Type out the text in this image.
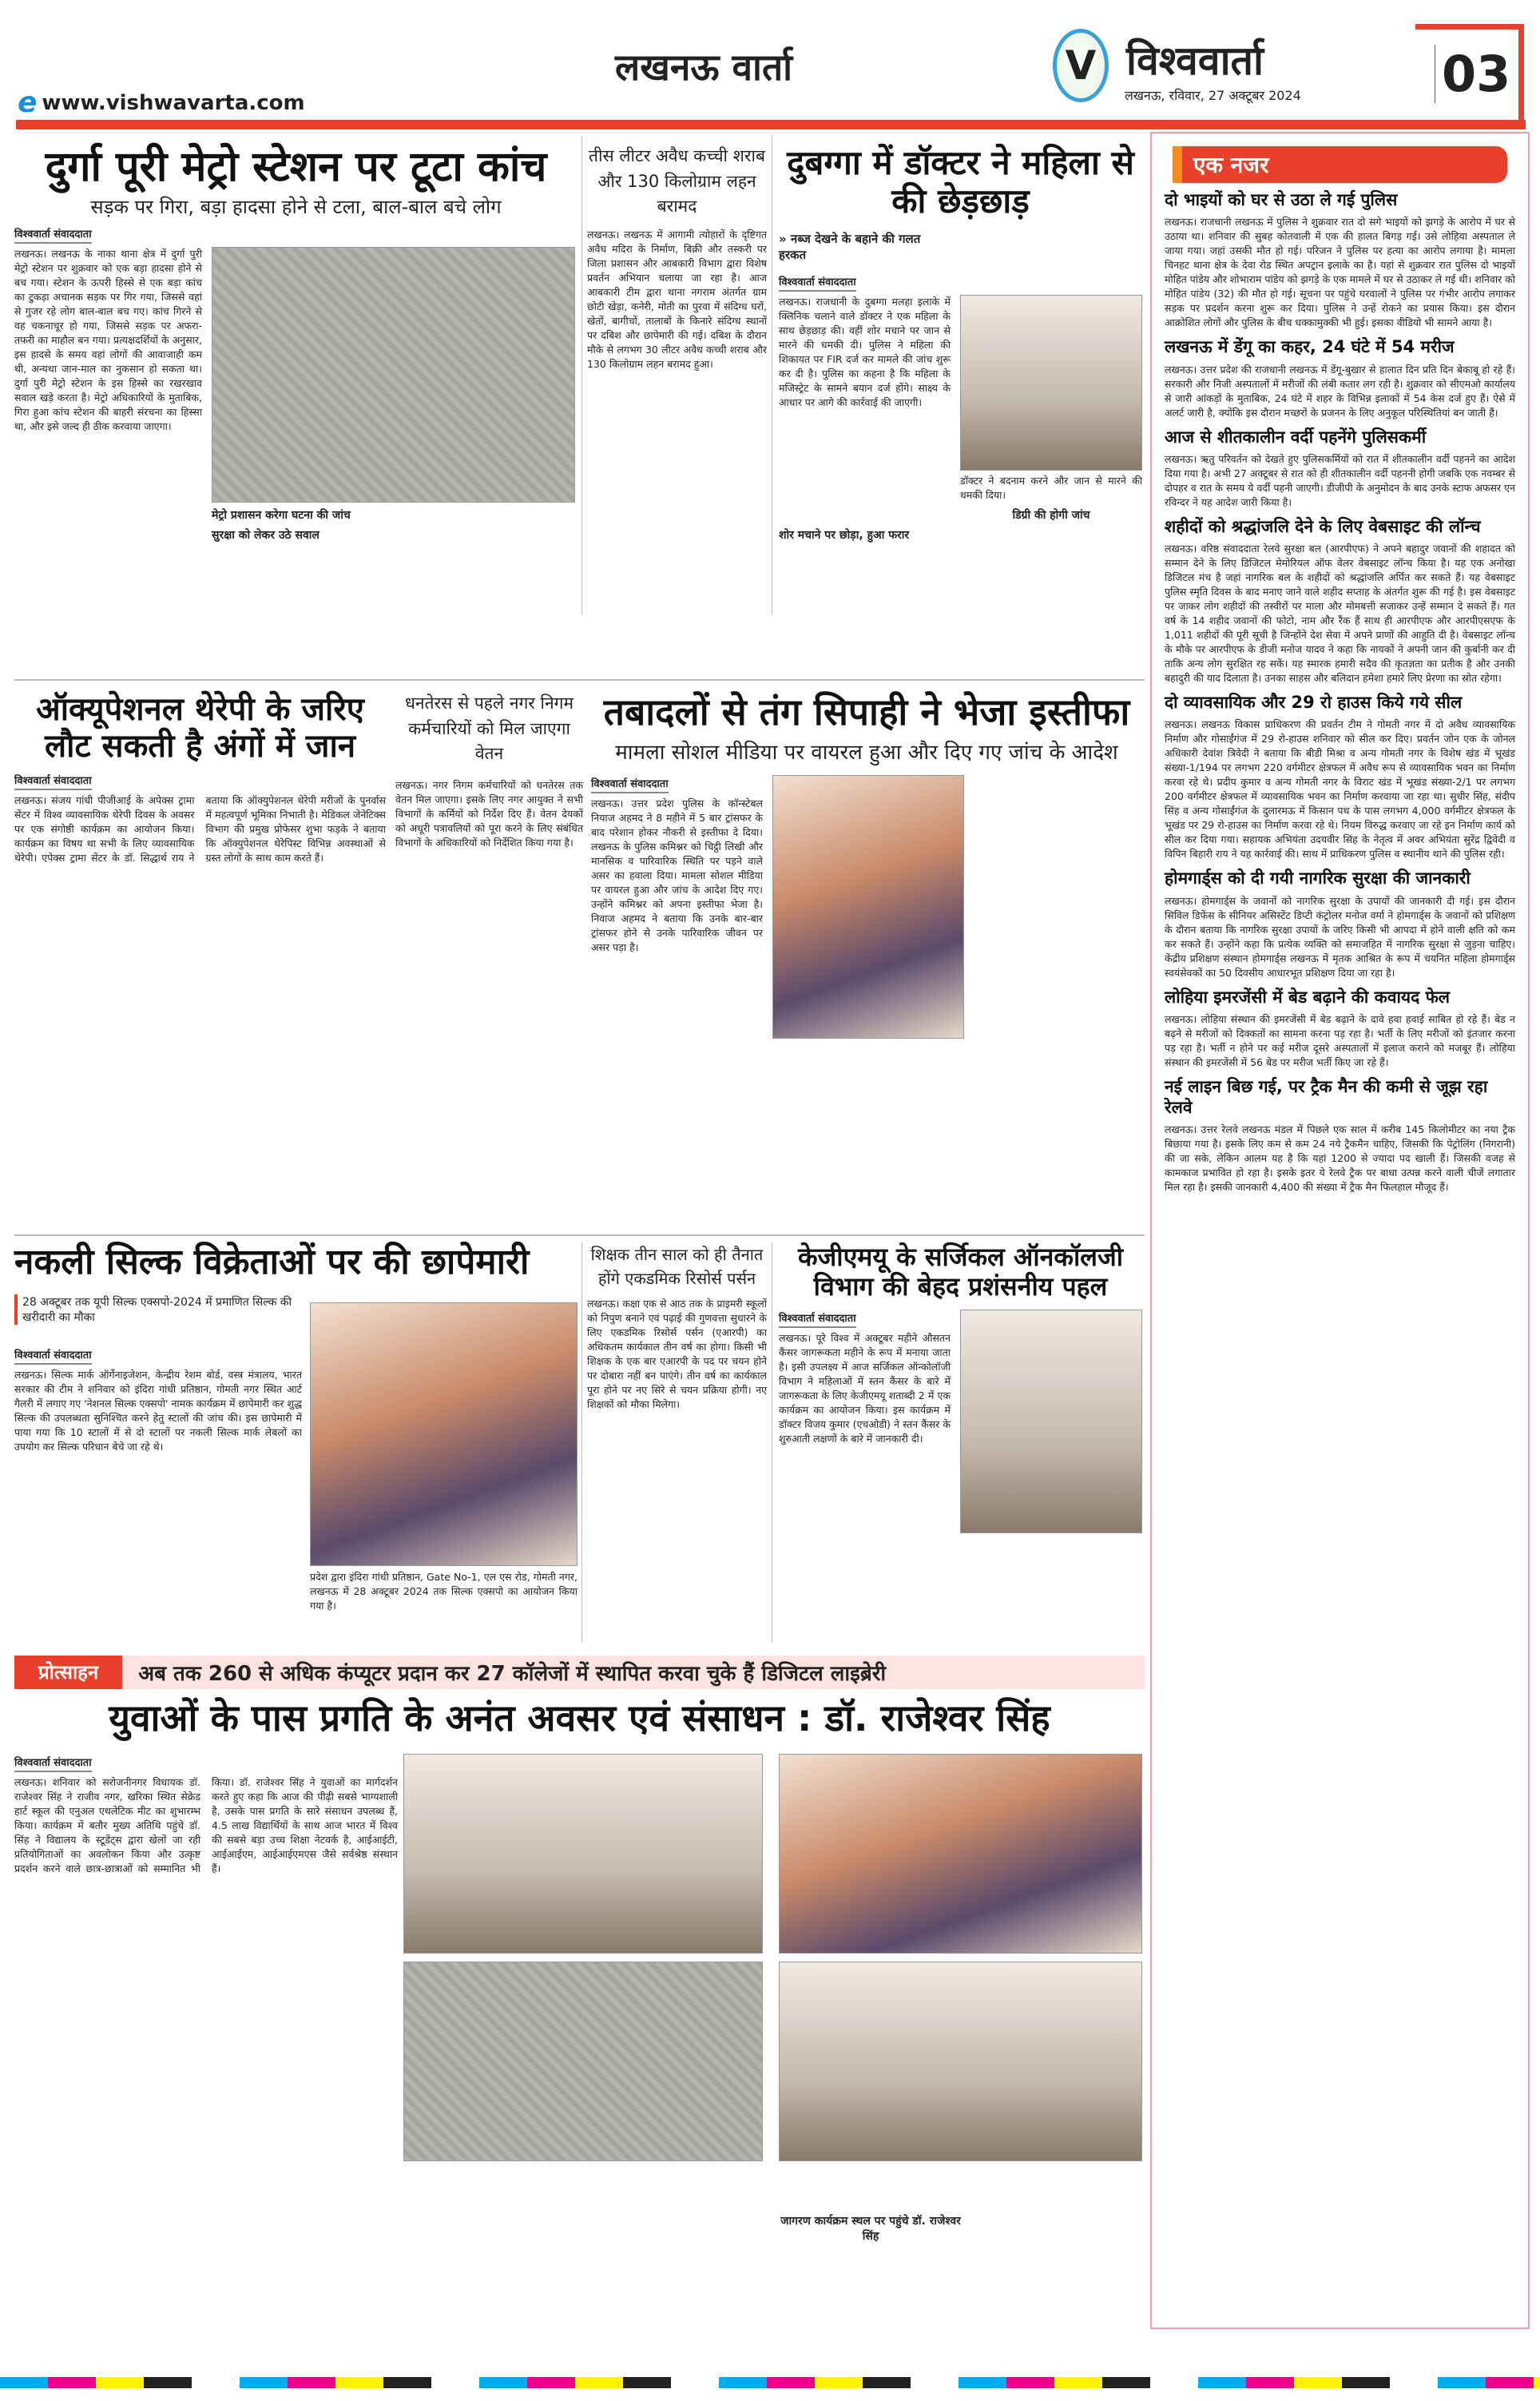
e www.vishwavarta.com
लखनऊ वार्ता	V विश्ववार्ता
लखनऊ, रविवार, 27 अक्टूबर 2024	03
दुर्गा पूरी मेट्रो स्टेशन पर टूटा कांच
सड़क पर गिरा, बड़ा हादसा होने से टला, बाल-बाल बचे लोग
विश्ववार्ता संवाददाता
लखनऊ। लखनऊ के नाका थाना क्षेत्र में दुर्गा पुरी मेट्रो स्टेशन पर शुक्रवार को एक बड़ा हादसा होने से बच गया। स्टेशन के ऊपरी हिस्से से एक बड़ा कांच का टुकड़ा अचानक सड़क पर गिर गया, जिससे वहां से गुजर रहे लोग बाल-बाल बच गए। कांच गिरने से वह चकनाचूर हो गया, जिससे सड़क पर अफरा-तफरी का माहौल बन गया। प्रत्यक्षदर्शियों के अनुसार, इस हादसे के समय वहां लोगों की आवाजाही कम थी, अन्यथा जान-माल का नुकसान हो सकता था। दुर्गा पुरी मेट्रो स्टेशन के इस हिस्से का रखरखाव सवाल खड़े करता है। मेट्रो अधिकारियों के मुताबिक, गिरा हुआ कांच स्टेशन की बाहरी संरचना का हिस्सा था, और इसे जल्द ही ठीक करवाया जाएगा।
मेट्रो प्रशासन करेगा घटना की जांच
सुरक्षा को लेकर उठे सवाल
तीस लीटर अवैध कच्ची शराब और 130 किलोग्राम लहन बरामद
लखनऊ। लखनऊ में आगामी त्योहारों के दृष्टिगत अवैध मदिरा के निर्माण, बिक्री और तस्करी पर जिला प्रशासन और आबकारी विभाग द्वारा विशेष प्रवर्तन अभियान चलाया जा रहा है। आज आबकारी टीम द्वारा थाना नगराम अंतर्गत ग्राम छोटी खेड़ा, कनेरी, मोती का पुरवा में संदिग्ध घरों, खेतों, बागीचों, तालाबों के किनारे संदिग्ध स्थानों पर दबिश और छापेमारी की गई। दबिश के दौरान मौके से लगभग 30 लीटर अवैध कच्ची शराब और 130 किलोग्राम लहन बरामद हुआ।
दुबग्गा में डॉक्टर ने महिला से की छेड़छाड़
» नब्ज देखने के बहाने की गलत हरकत
विश्ववार्ता संवाददाता
लखनऊ। राजधानी के दुबग्गा मलहा इलाके में क्लिनिक चलाने वाले डॉक्टर ने एक महिला के साथ छेड़छाड़ की। वहीं शोर मचाने पर जान से मारने की धमकी दी। पुलिस ने महिला की शिकायत पर FIR दर्ज कर मामले की जांच शुरू कर दी है। पुलिस का कहना है कि महिला के मजिस्ट्रेट के सामने बयान दर्ज होंगे। साक्ष्य के आधार पर आगे की कार्रवाई की जाएगी।
डॉक्टर ने बदनाम करने और जान से मारने की धमकी दिया।
डिग्री की होगी जांच
शोर मचाने पर छोड़ा, हुआ फरार
ऑक्यूपेशनल थेरेपी के जरिए लौट सकती है अंगों में जान
विश्ववार्ता संवाददाता
लखनऊ। संजय गांधी पीजीआई के अपेक्स ट्रामा सेंटर में विश्व व्यावसायिक थेरेपी दिवस के अवसर पर एक संगोष्ठी कार्यक्रम का आयोजन किया। कार्यक्रम का विषय था सभी के लिए व्यावसायिक थेरेपी। एपेक्स ट्रामा सेंटर के डॉ. सिद्धार्थ राय ने बताया कि ऑक्युपेशनल थेरेपी मरीजों के पुनर्वास में महत्वपूर्ण भूमिका निभाती है। मेडिकल जेनेटिक्स विभाग की प्रमुख प्रोफेसर शुभा फड़के ने बताया कि ऑक्युपेशनल थेरेपिस्ट विभिन्न अवस्थाओं से ग्रस्त लोगों के साथ काम करते हैं।
धनतेरस से पहले नगर निगम कर्मचारियों को मिल जाएगा वेतन
लखनऊ। नगर निगम कर्मचारियों को धनतेरस तक वेतन मिल जाएगा। इसके लिए नगर आयुक्त ने सभी विभागों के कर्मियों को निर्देश दिए हैं। वेतन देयकों को अधूरी पत्रावलियों को पूरा करने के लिए संबंधित विभागों के अधिकारियों को निर्देशित किया गया है।
तबादलों से तंग सिपाही ने भेजा इस्तीफा
मामला सोशल मीडिया पर वायरल हुआ और दिए गए जांच के आदेश
विश्ववार्ता संवाददाता
लखनऊ। उत्तर प्रदेश पुलिस के कॉन्स्टेबल नियाज अहमद ने 8 महीने में 5 बार ट्रांसफर के बाद परेशान होकर नौकरी से इस्तीफा दे दिया। लखनऊ के पुलिस कमिश्नर को चिट्ठी लिखी और मानसिक व पारिवारिक स्थिति पर पड़ने वाले असर का हवाला दिया। मामला सोशल मीडिया पर वायरल हुआ और जांच के आदेश दिए गए। उन्होंने कमिश्नर को अपना इस्तीफा भेजा है। निवाज अहमद ने बताया कि उनके बार-बार ट्रांसफर होने से उनके पारिवारिक जीवन पर असर पड़ा है।
नकली सिल्क विक्रेताओं पर की छापेमारी
28 अक्टूबर तक यूपी सिल्क एक्सपो-2024 में प्रमाणित सिल्क की खरीदारी का मौका
विश्ववार्ता संवाददाता
लखनऊ। सिल्क मार्क ऑर्गेनाइजेशन, केन्द्रीय रेशम बोर्ड, वस्त्र मंत्रालय, भारत सरकार की टीम ने शनिवार को इंदिरा गांधी प्रतिष्ठान, गोमती नगर स्थित आर्ट गैलरी में लगाए गए 'नेशनल सिल्क एक्सपो' नामक कार्यक्रम में छापेमारी कर शुद्ध सिल्क की उपलब्धता सुनिश्चित करने हेतु स्टालों की जांच की। इस छापेमारी में पाया गया कि 10 स्टालों में से दो स्टालों पर नकली सिल्क मार्क लेबलों का उपयोग कर सिल्क परिधान बेचे जा रहे थे।
प्रदेश द्वारा इंदिरा गांधी प्रतिष्ठान, Gate No-1, एल एस रोड, गोमती नगर, लखनऊ में 28 अक्टूबर 2024 तक सिल्क एक्सपो का आयोजन किया गया है।
शिक्षक तीन साल को ही तैनात होंगे एकडमिक रिसोर्स पर्सन
लखनऊ। कक्षा एक से आठ तक के प्राइमरी स्कूलों को निपुण बनाने एवं पढ़ाई की गुणवत्ता सुधारने के लिए एकडमिक रिसोर्स पर्सन (एआरपी) का अधिकतम कार्यकाल तीन वर्ष का होगा। किसी भी शिक्षक के एक बार एआरपी के पद पर चयन होने पर दोबारा नहीं बन पाएंगे। तीन वर्ष का कार्यकाल पूरा होने पर नए सिरे से चयन प्रक्रिया होगी। नए शिक्षकों को मौका मिलेगा।
केजीएमयू के सर्जिकल ऑनकॉलजी विभाग की बेहद प्रशंसनीय पहल
विश्ववार्ता संवाददाता
लखनऊ। पूरे विश्व में अक्टूबर महीने औसतन कैंसर जागरूकता महीने के रूप में मनाया जाता है। इसी उपलक्ष्य में आज सर्जिकल ऑन्कोलॉजी विभाग ने महिलाओं में स्तन कैंसर के बारे में जागरूकता के लिए केजीएमयू शताब्दी 2 में एक कार्यक्रम का आयोजन किया। इस कार्यक्रम में डॉक्टर विजय कुमार (एचओडी) ने स्तन कैंसर के शुरुआती लक्षणों के बारे में जानकारी दी।
प्रोत्साहन	अब तक 260 से अधिक कंप्यूटर प्रदान कर 27 कॉलेजों में स्थापित करवा चुके हैं डिजिटल लाइब्रेरी
युवाओं के पास प्रगति के अनंत अवसर एवं संसाधन : डॉ. राजेश्वर सिंह
विश्ववार्ता संवाददाता
लखनऊ। शनिवार को सरोजनीनगर विधायक डॉ. राजेश्वर सिंह ने राजीव नगर, खरिका स्थित सेक्रेड हार्ट स्कूल की एनुअल एथलेटिक मीट का शुभारम्भ किया। कार्यक्रम में बतौर मुख्य अतिथि पहुंचे डॉ. सिंह ने विद्यालय के स्टूडेंट्स द्वारा खेलों जा रही प्रतियोगिताओं का अवलोकन किया और उत्कृष्ट प्रदर्शन करने वाले छात्र-छात्राओं को सम्मानित भी किया। डॉ. राजेश्वर सिंह ने युवाओं का मार्गदर्शन करते हुए कहा कि आज की पीढ़ी सबसे भाग्यशाली है, उसके पास प्रगति के सारे संसाधन उपलब्ध हैं, 4.5 लाख विद्यार्थियों के साथ आज भारत में विश्व की सबसे बड़ा उच्च शिक्षा नेटवर्क है, आईआईटी, आईआईएम, आईआईएमएस जैसे सर्वश्रेष्ठ संस्थान हैं।
जागरण कार्यक्रम स्थल पर पहुंचे डॉ. राजेश्वर सिंह
एक नजर
दो भाइयों को घर से उठा ले गई पुलिस

लखनऊ। राजधानी लखनऊ में पुलिस ने शुक्रवार रात दो सगे भाइयों को झगड़े के आरोप में घर से उठाया था। शनिवार की सुबह कोतवाली में एक की हालत बिगड़ गई। उसे लोहिया अस्पताल ले जाया गया। जहां उसकी मौत हो गई। परिजन ने पुलिस पर हत्या का आरोप लगाया है। मामला चिनहट थाना क्षेत्र के देवा रोड स्थित अपट्रान इलाके का है। यहां से शुक्रवार रात पुलिस दो भाइयों मोहित पांडेय और शोभाराम पांडेय को झगड़े के एक मामले में घर से उठाकर ले गई थी। शनिवार को मोहित पांडेय (32) की मौत हो गई। सूचना पर पहुंचे घरवालों ने पुलिस पर गंभीर आरोप लगाकर सड़क पर प्रदर्शन करना शुरू कर दिया। पुलिस ने उन्हें रोकने का प्रयास किया। इस दौरान आक्रोशित लोगों और पुलिस के बीच धक्कामुक्की भी हुई। इसका वीडियो भी सामने आया है।

लखनऊ में डेंगू का कहर, 24 घंटे में 54 मरीज

लखनऊ। उत्तर प्रदेश की राजधानी लखनऊ में डेंगू-बुखार से हालात दिन प्रति दिन बेकाबू हो रहे हैं। सरकारी और निजी अस्पतालों में मरीजों की लंबी कतार लग रही है। शुक्रवार को सीएमओ कार्यालय से जारी आंकड़ों के मुताबिक, 24 घंटे में शहर के विभिन्न इलाकों में 54 केस दर्ज हुए हैं। ऐसे में अलर्ट जारी है, क्योंकि इस दौरान मच्छरों के प्रजनन के लिए अनुकूल परिस्थितियां बन जाती हैं।

आज से शीतकालीन वर्दी पहनेंगे पुलिसकर्मी

लखनऊ। ऋतु परिवर्तन को देखते हुए पुलिसकर्मियों को रात में शीतकालीन वर्दी पहनने का आदेश दिया गया है। अभी 27 अक्टूबर से रात को ही शीतकालीन वर्दी पहननी होगी जबकि एक नवम्बर से दोपहर व रात के समय ये वर्दी पहनी जाएगी। डीजीपी के अनुमोदन के बाद उनके स्टाफ अफसर एन रविन्दर ने यह आदेश जारी किया है।

शहीदों को श्रद्धांजलि देने के लिए वेबसाइट की लॉन्च

लखनऊ। वरिष्ठ संवाददाता रेलवे सुरक्षा बल (आरपीएफ) ने अपने बहादुर जवानों की शहादत को सम्मान देने के लिए डिजिटल मेमोरियल ऑफ वेलर वेबसाइट लॉन्च किया है। यह एक अनोखा डिजिटल मंच है जहां नागरिक बल के शहीदों को श्रद्धांजलि अर्पित कर सकते हैं। यह वेबसाइट पुलिस स्मृति दिवस के बाद मनाए जाने वाले शहीद सप्ताह के अंतर्गत शुरू की गई है। इस वेबसाइट पर जाकर लोग शहीदों की तस्वीरों पर माला और मोमबत्ती सजाकर उन्हें सम्मान दे सकते हैं। गत वर्ष के 14 शहीद जवानों की फोटो, नाम और रैंक हैं साथ ही आरपीएफ और आरपीएसएफ के 1,011 शहीदों की पूरी सूची है जिन्होंने देश सेवा में अपने प्राणों की आहुति दी है। वेबसाइट लॉन्च के मौके पर आरपीएफ के डीजी मनोज यादव ने कहा कि नायकों ने अपनी जान की कुर्बानी कर दी ताकि अन्य लोग सुरक्षित रह सकें। यह स्मारक हमारी सदैव की कृतज्ञता का प्रतीक है और उनकी बहादुरी की याद दिलाता है। उनका साहस और बलिदान हमेशा हमारे लिए प्रेरणा का स्रोत रहेगा।

दो व्यावसायिक और 29 रो हाउस किये गये सील

लखनऊ। लखनऊ विकास प्राधिकरण की प्रवर्तन टीम ने गोमती नगर में दो अवैध व्यावसायिक निर्माण और गोसाईंगंज में 29 रो-हाउस शनिवार को सील कर दिए। प्रवर्तन जोन एक के जोनल अधिकारी देवांश त्रिवेदी ने बताया कि बीडी मिश्रा व अन्य गोमती नगर के विशेष खंड में भूखंड संख्या-1/194 पर लगभग 220 वर्गमीटर क्षेत्रफल में अवैध रूप से व्यावसायिक भवन का निर्माण करवा रहे थे। प्रदीप कुमार व अन्य गोमती नगर के विराट खंड में भूखंड संख्या-2/1 पर लगभग 200 वर्गमीटर क्षेत्रफल में व्यावसायिक भवन का निर्माण करवाया जा रहा था। सुधीर सिंह, संदीप सिंह व अन्य गोसाईंगंज के दुलारमऊ में किसान पथ के पास लगभग 4,000 वर्गमीटर क्षेत्रफल के भूखंड पर 29 रो-हाउस का निर्माण करवा रहे थे। नियम विरुद्ध करवाए जा रहे इन निर्माण कार्य को सील कर दिया गया। सहायक अभियंता उदयवीर सिंह के नेतृत्व में अवर अभियंता सुरेंद्र द्विवेदी व विपिन बिहारी राय ने यह कार्रवाई की। साथ में प्राधिकरण पुलिस व स्थानीय थाने की पुलिस रही।

होमगार्ड्स को दी गयी नागरिक सुरक्षा की जानकारी

लखनऊ। होमगार्ड्स के जवानों को नागरिक सुरक्षा के उपायों की जानकारी दी गई। इस दौरान सिविल डिफेंस के सीनियर असिस्टेंट डिप्टी कंट्रोलर मनोज वर्मा ने होमगार्ड्स के जवानों को प्रशिक्षण के दौरान बताया कि नागरिक सुरक्षा उपायों के जरिए किसी भी आपदा में होने वाली क्षति को कम कर सकते हैं। उन्होंने कहा कि प्रत्येक व्यक्ति को समाजहित में नागरिक सुरक्षा से जुड़ना चाहिए। केंद्रीय प्रशिक्षण संस्थान होमगार्ड्स लखनऊ में मृतक आश्रित के रूप में चयनित महिला होमगार्ड्स स्वयंसेवकों का 50 दिवसीय आधारभूत प्रशिक्षण दिया जा रहा है।

लोहिया इमरजेंसी में बेड बढ़ाने की कवायद फेल

लखनऊ। लोहिया संस्थान की इमरजेंसी में बेड बढ़ाने के दावे हवा हवाई साबित हो रहे हैं। बेड न बढ़ने से मरीजों को दिक्कतों का सामना करना पड़ रहा है। भर्ती के लिए मरीजों को इंतजार करना पड़ रहा है। भर्ती न होने पर कई मरीज दूसरे अस्पतालों में इलाज कराने को मजबूर हैं। लोहिया संस्थान की इमरजेंसी में 56 बेड पर मरीज भर्ती किए जा रहे हैं।

नई लाइन बिछ गई, पर ट्रैक मैन की कमी से जूझ रहा रेलवे

लखनऊ। उत्तर रेलवे लखनऊ मंडल में पिछले एक साल में करीब 145 किलोमीटर का नया ट्रैक बिछाया गया है। इसके लिए कम से कम 24 नये ट्रैकमैन चाहिए, जिसकी कि पेट्रोलिंग (निगरानी) की जा सके, लेकिन आलम यह है कि यहां 1200 से ज्यादा पद खाली हैं। जिसकी वजह से कामकाज प्रभावित हो रहा है। इसके इतर ये रेलवे ट्रैक पर बाधा उत्पन्न करने वाली चीजें लगातार मिल रहा है। इसकी जानकारी 4,400 की संख्या में ट्रैक मैन फिलहाल मौजूद हैं।
